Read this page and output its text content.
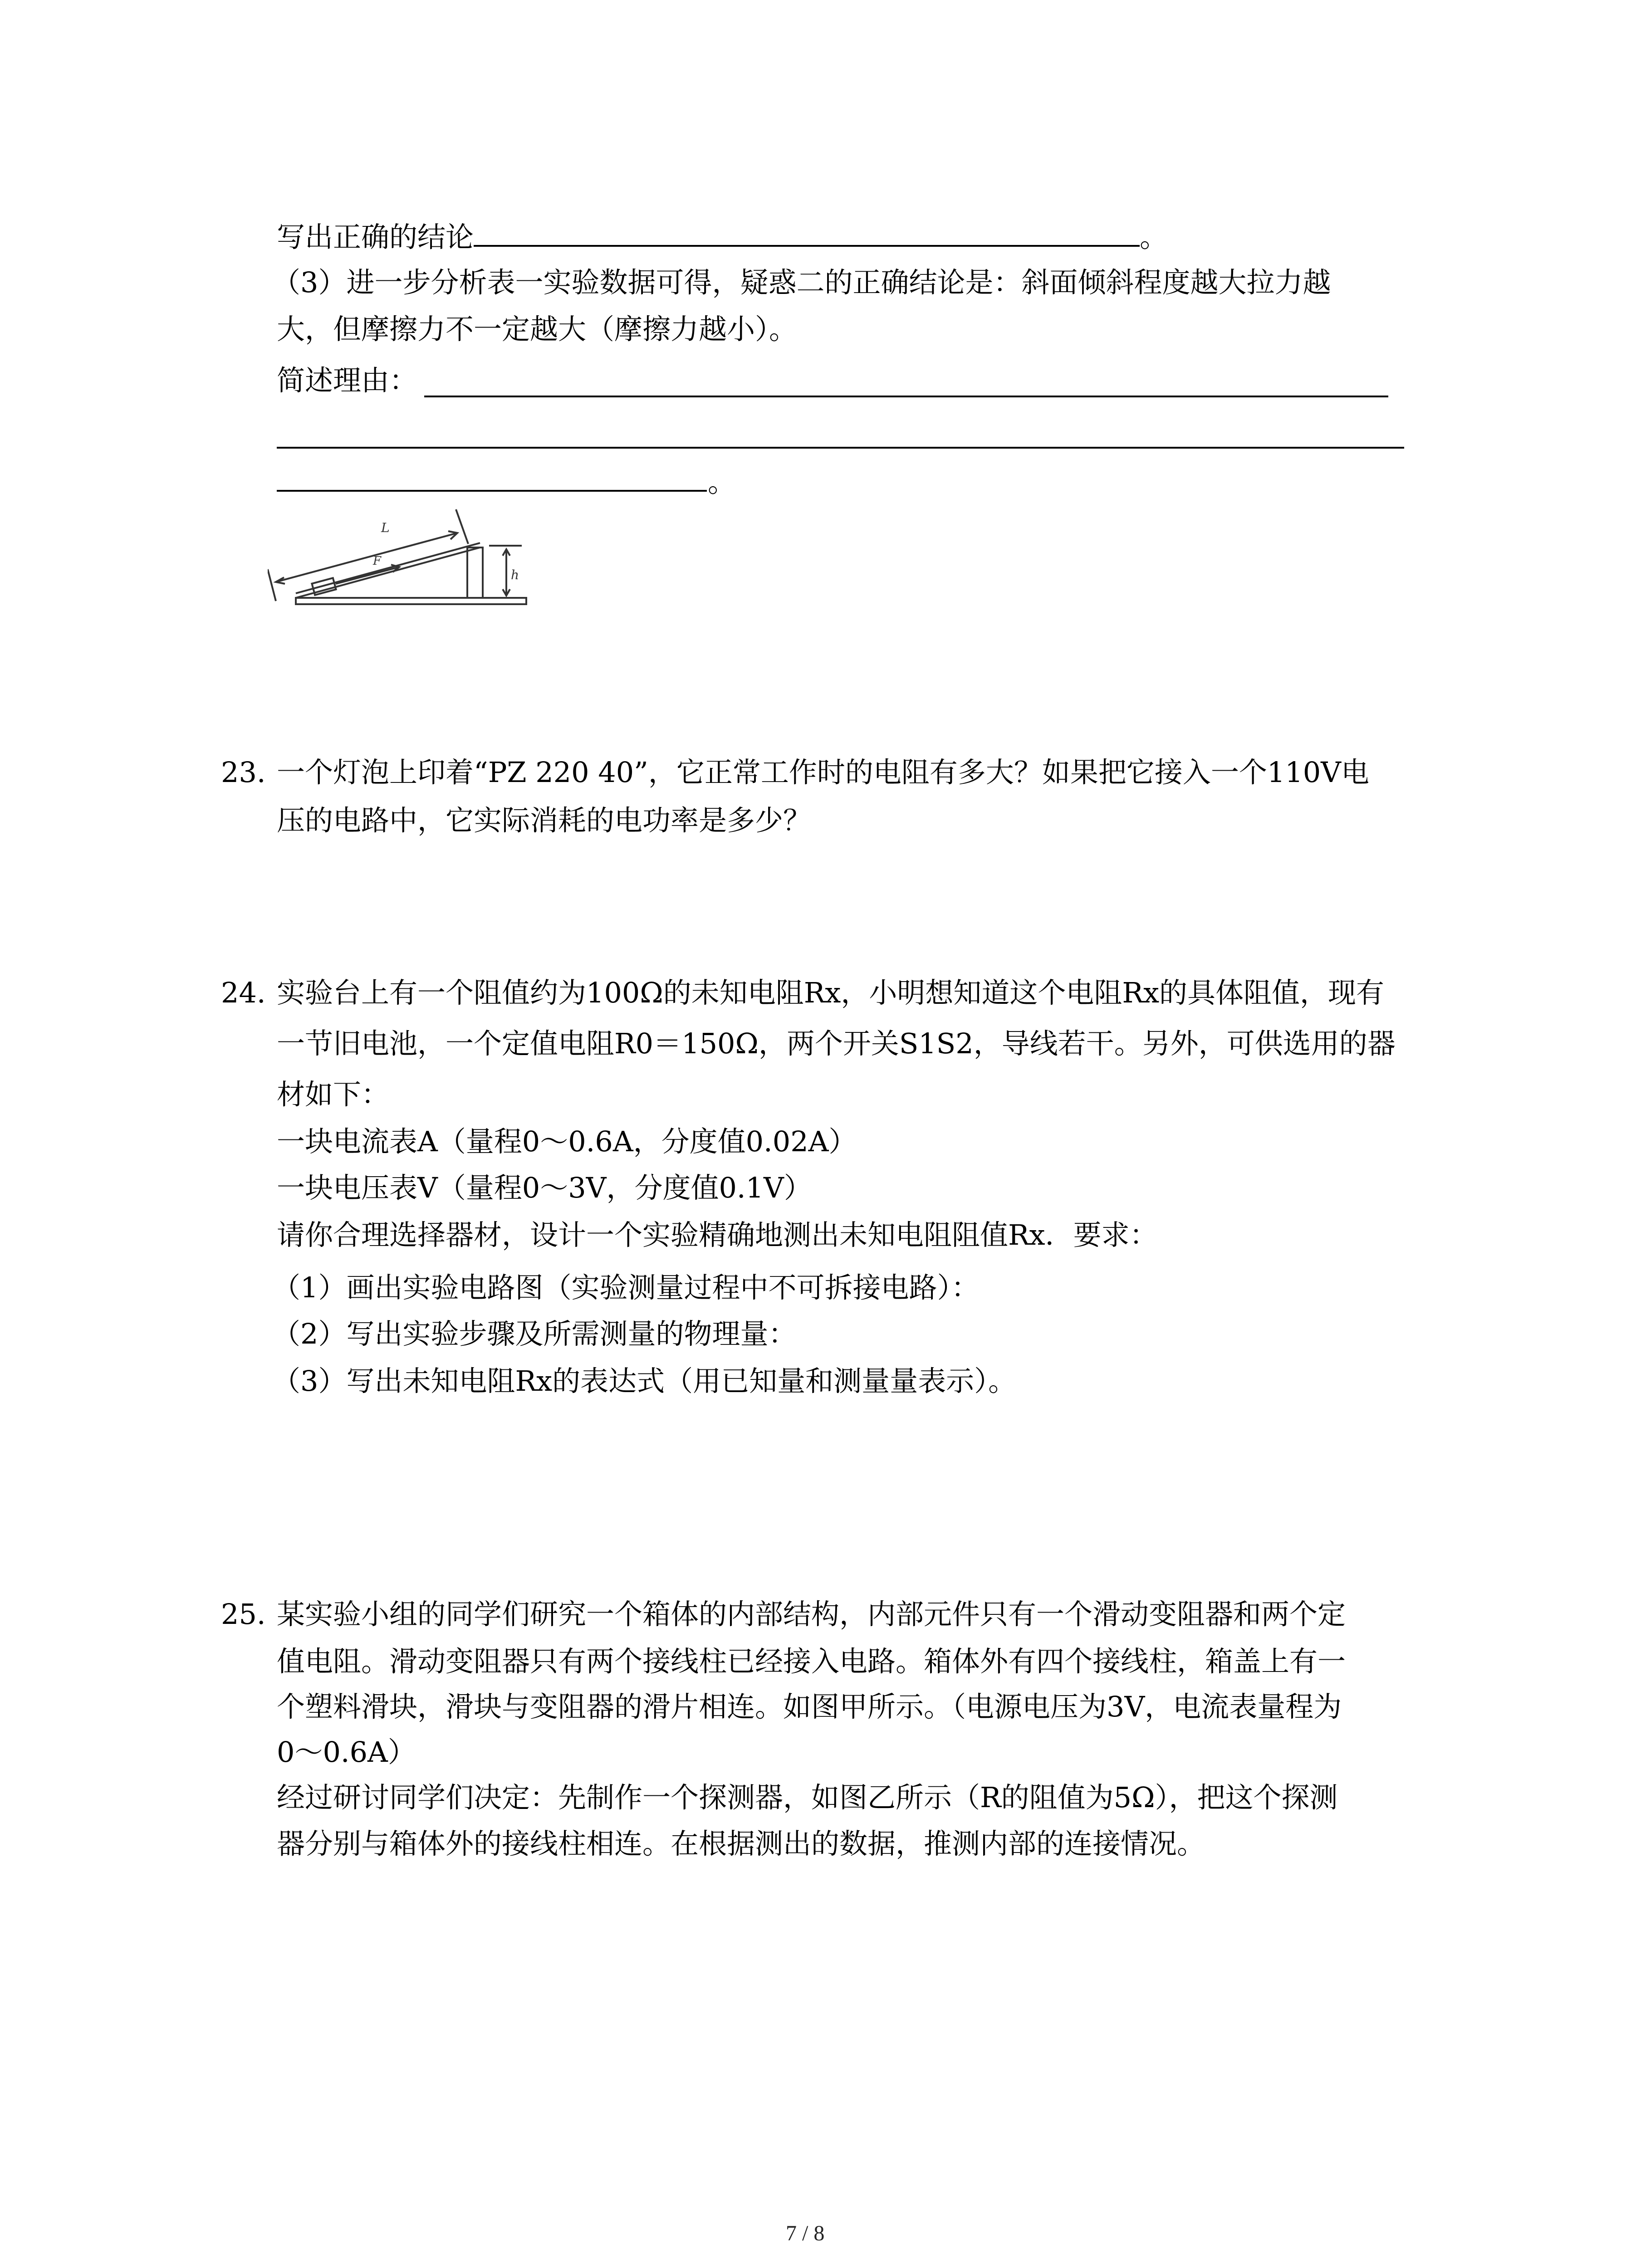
写出正确的结论	。
（3）进一步分析表一实验数据可得，疑惑二的正确结论是：斜面倾斜程度越大拉力越
大，但摩擦力不一定越大（摩擦力越小）。
简述理由：
。
L
F
h
23. 一个灯泡上印着“PZ 220 40”，它正常工作时的电阻有多大？如果把它接入一个110V电
压的电路中，它实际消耗的电功率是多少？
24. 实验台上有一个阻值约为100Ω的未知电阻Rx，小明想知道这个电阻Rx的具体阻值，现有
一节旧电池，一个定值电阻R0＝150Ω，两个开关S1S2，导线若干。另外，可供选用的器
材如下：
一块电流表A（量程0～0.6A，分度值0.02A）
一块电压表V（量程0～3V，分度值0.1V）
请你合理选择器材，设计一个实验精确地测出未知电阻阻值Rx．要求：
（1）画出实验电路图（实验测量过程中不可拆接电路）：
（2）写出实验步骤及所需测量的物理量：
（3）写出未知电阻Rx的表达式（用已知量和测量量表示）。
25. 某实验小组的同学们研究一个箱体的内部结构，内部元件只有一个滑动变阻器和两个定
值电阻。滑动变阻器只有两个接线柱已经接入电路。箱体外有四个接线柱，箱盖上有一
个塑料滑块，滑块与变阻器的滑片相连。如图甲所示。（电源电压为3V，电流表量程为
0～0.6A）
经过研讨同学们决定：先制作一个探测器，如图乙所示（R的阻值为5Ω），把这个探测
器分别与箱体外的接线柱相连。在根据测出的数据，推测内部的连接情况。
7 / 8
